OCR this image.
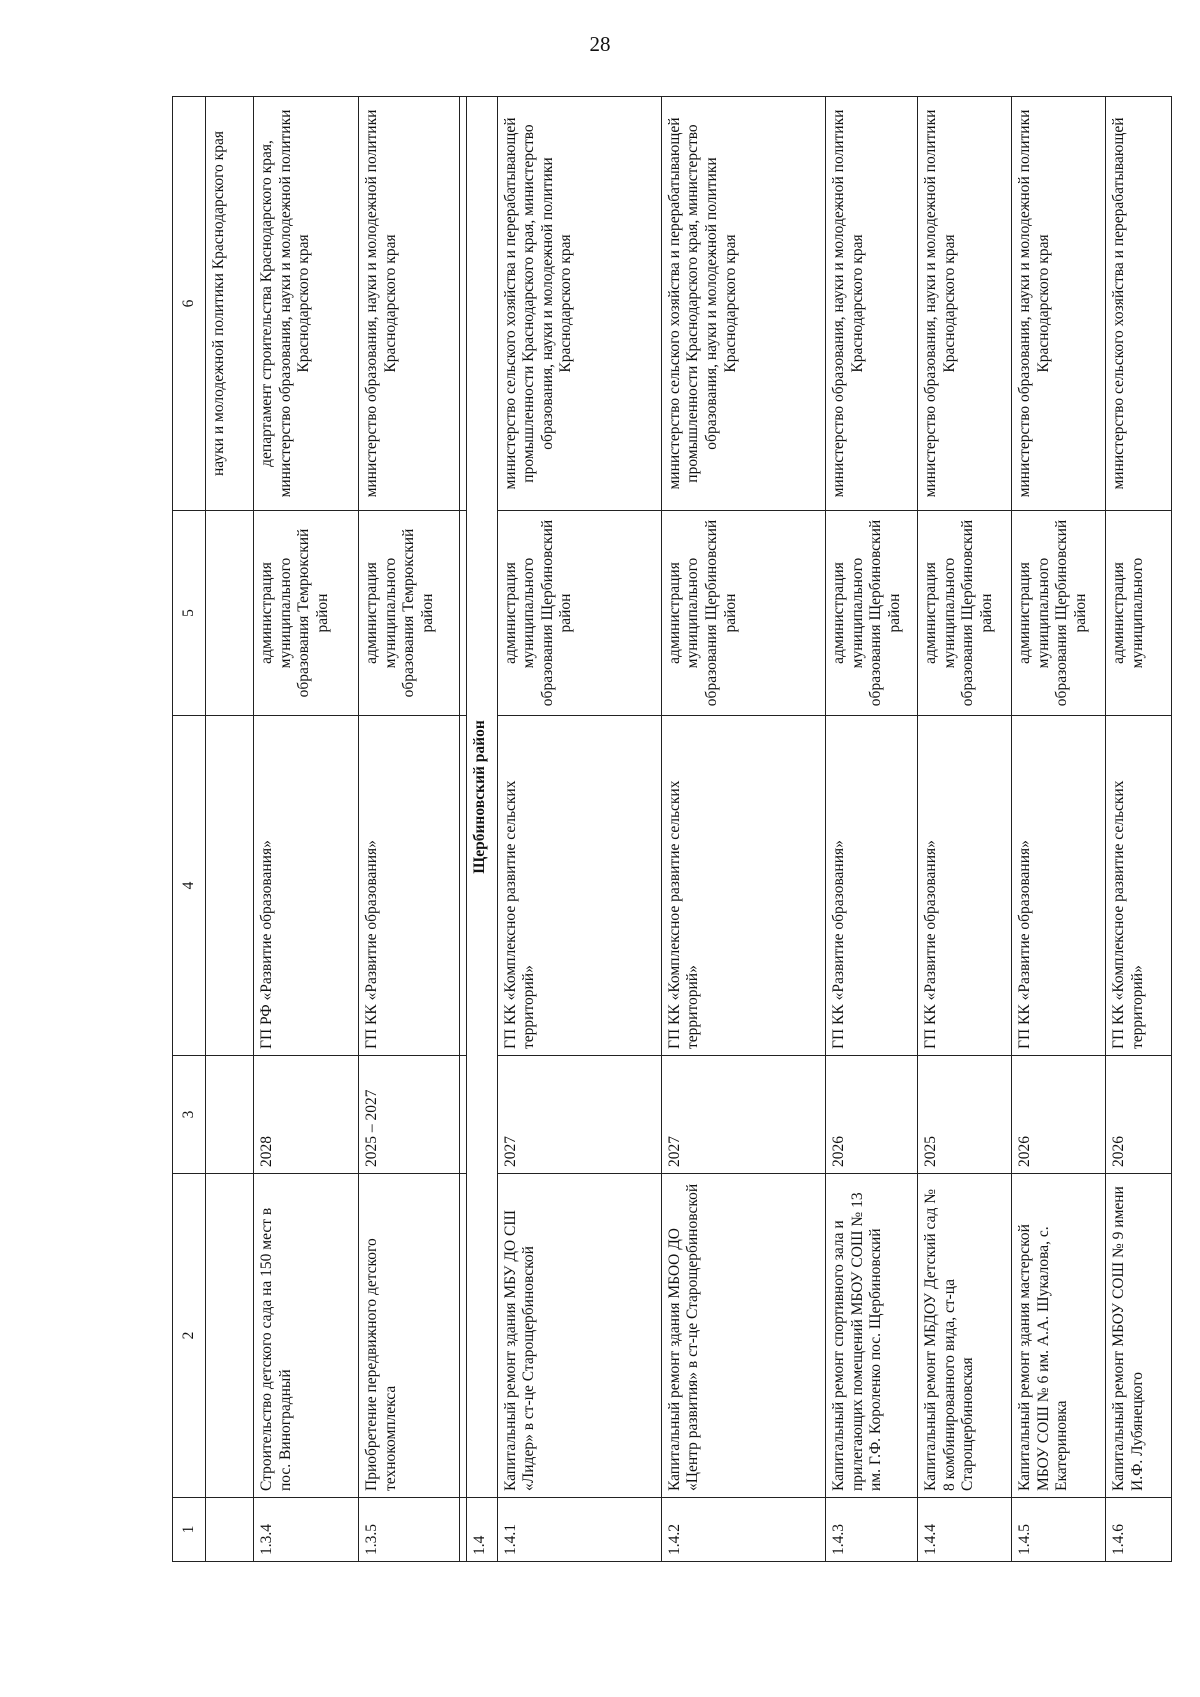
28
1	2	3	4	5	6
					науки и молодежной политики Краснодарского края
1.3.4	Строительство детского сада на 150 мест в пос. Виноградный	2028	ГП РФ «Развитие образования»	администрация муниципального образования Темрюкский район	департамент строительства Краснодарского края, министерство образования, науки и молодежной политики Краснодарского края
1.3.5	Приобретение передвижного детского технокомплекса	2025 – 2027	ГП КК «Развитие образования»	администрация муниципального образования Темрюкский район	министерство образования, науки и молодежной политики Краснодарского края

1.4	Щербиновский район				
1.4.1	Капитальный ремонт здания МБУ ДО СШ «Лидер» в ст-це Старощербиновской	2027	ГП КК «Комплексное развитие сельских территорий»	администрация муниципального образования Щербиновский район	министерство сельского хозяйства и перерабатывающей промышленности Краснодарского края, министерство образования, науки и молодежной политики Краснодарского края
1.4.2	Капитальный ремонт здания МБОО ДО «Центр развития» в ст-це Старощербиновской	2027	ГП КК «Комплексное развитие сельских территорий»	администрация муниципального образования Щербиновский район	министерство сельского хозяйства и перерабатывающей промышленности Краснодарского края, министерство образования, науки и молодежной политики Краснодарского края
1.4.3	Капитальный ремонт спортивного зала и прилегающих помещений МБОУ СОШ № 13 им. Г.Ф. Короленко пос. Щербиновский	2026	ГП КК «Развитие образования»	администрация муниципального образования Щербиновский район	министерство образования, науки и молодежной политики Краснодарского края
1.4.4	Капитальный ремонт МБДОУ Детский сад № 8 комбинированного вида, ст-ца Старощербиновская	2025	ГП КК «Развитие образования»	администрация муниципального образования Щербиновский район	министерство образования, науки и молодежной политики Краснодарского края
1.4.5	Капитальный ремонт здания мастерской МБОУ СОШ № 6 им. А.А. Шукалова, с. Екатериновка	2026	ГП КК «Развитие образования»	администрация муниципального образования Щербиновский район	министерство образования, науки и молодежной политики Краснодарского края
1.4.6	Капитальный ремонт МБОУ СОШ № 9 имени И.Ф. Лубянецкого	2026	ГП КК «Комплексное развитие сельских территорий»	администрация муниципального	министерство сельского хозяйства и перерабатывающей
